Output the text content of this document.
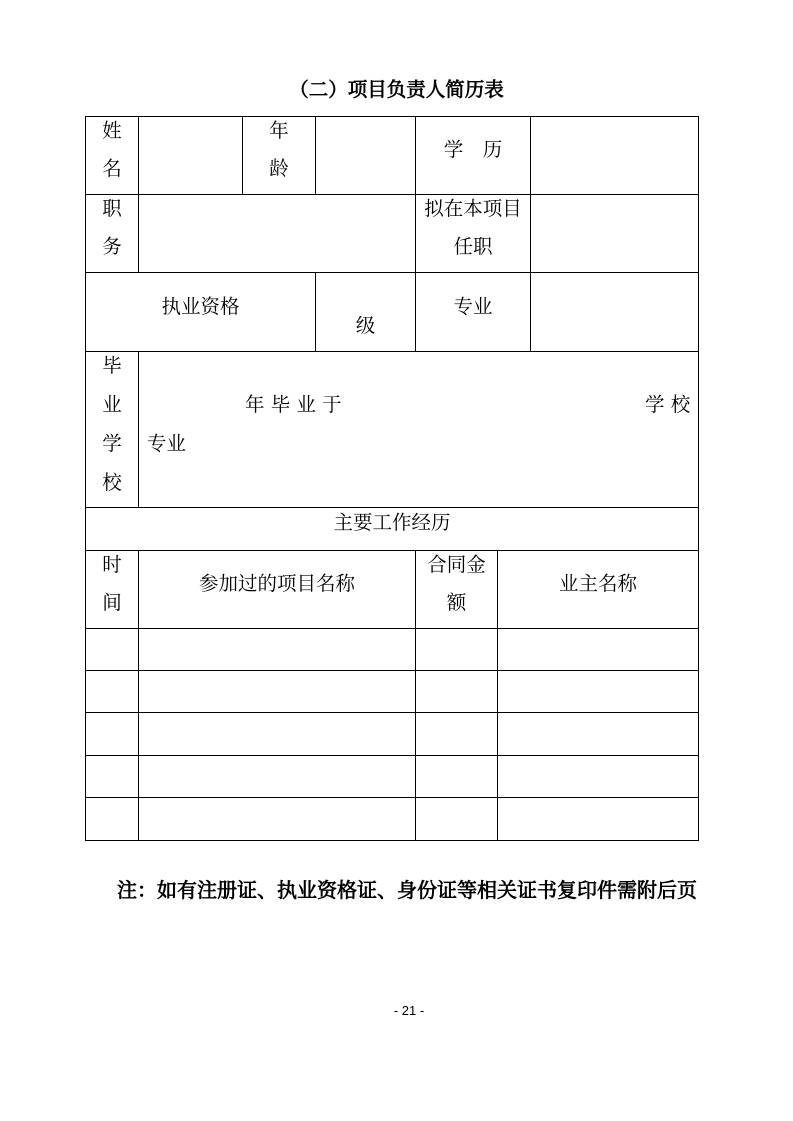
（二）项目负责人简历表
姓名
年龄
学　历
职务
拟在本项目任职
执业资格
级
专业
毕业学校
年 毕 业 于	学 校
专业
主要工作经历
时间
参加过的项目名称
合同金额
业主名称
注：如有注册证、执业资格证、身份证等相关证书复印件需附后页
- 21 -
